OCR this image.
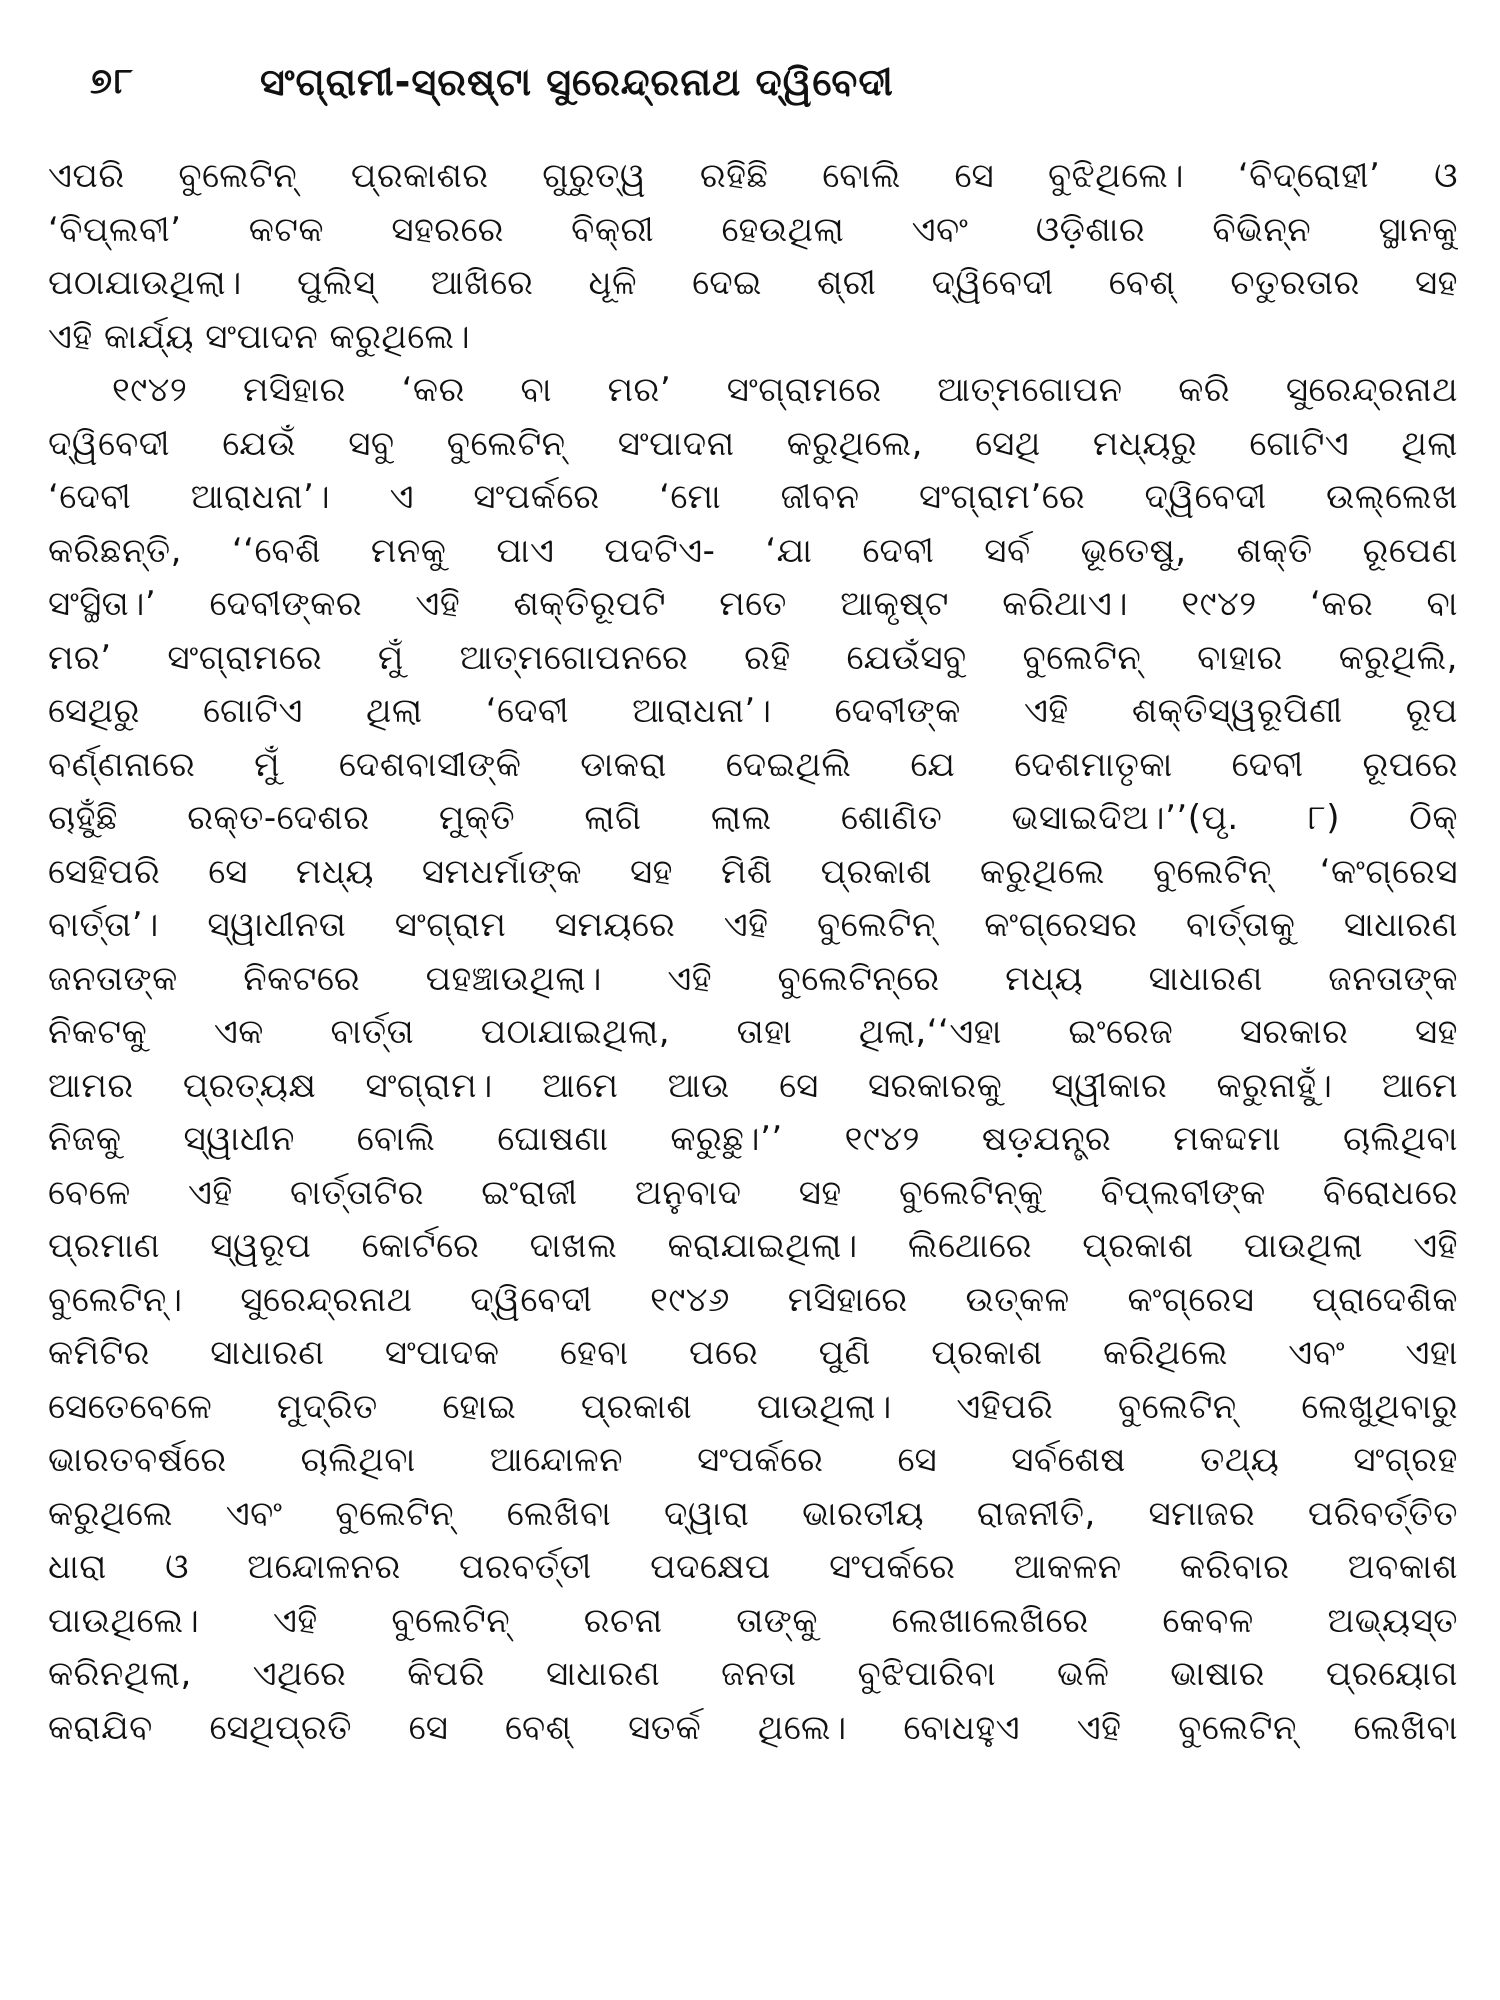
୭୮	ସଂଗ୍ରାମୀ-ସ୍ରଷ୍ଟା ସୁରେନ୍ଦ୍ରନାଥ ଦ୍ୱିବେଦୀ
ଏପରି ବୁଲେଟିନ୍ ପ୍ରକାଶର ଗୁରୁତ୍ୱ ରହିଛି ବୋଲି ସେ ବୁଝିଥିଲେ। ‘ବିଦ୍ରୋହୀ’ ଓ
‘ବିପ୍ଲବୀ’ କଟକ ସହରରେ ବିକ୍ରୀ ହେଉଥିଲା ଏବଂ ଓଡ଼ିଶାର ବିଭିନ୍ନ ସ୍ଥାନକୁ
ପଠାଯାଉଥିଲା। ପୁଲିସ୍ ଆଖିରେ ଧୂଳି ଦେଇ ଶ୍ରୀ ଦ୍ୱିବେଦୀ ବେଶ୍ ଚତୁରତାର ସହ
ଏହି କାର୍ଯ୍ୟ ସଂପାଦନ କରୁଥିଲେ।
୧୯୪୨ ମସିହାର ‘କର ବା ମର’ ସଂଗ୍ରାମରେ ଆତ୍ମଗୋପନ କରି ସୁରେନ୍ଦ୍ରନାଥ
ଦ୍ୱିବେଦୀ ଯେଉଁ ସବୁ ବୁଲେଟିନ୍ ସଂପାଦନା କରୁଥିଲେ, ସେଥି ମଧ୍ୟରୁ ଗୋଟିଏ ଥିଲା
‘ଦେବୀ ଆରାଧନା’। ଏ ସଂପର୍କରେ ‘ମୋ ଜୀବନ ସଂଗ୍ରାମ’ରେ ଦ୍ୱିବେଦୀ ଉଲ୍ଲେଖ
କରିଛନ୍ତି, ‘‘ବେଶି ମନକୁ ପାଏ ପଦଟିଏ- ‘ଯା ଦେବୀ ସର୍ବ ଭୂତେଷୁ, ଶକ୍ତି ରୂପେଣ
ସଂସ୍ଥିତା।’ ଦେବୀଙ୍କର ଏହି ଶକ୍ତିରୂପଟି ମତେ ଆକୃଷ୍ଟ କରିଥାଏ। ୧୯୪୨ ‘କର ବା
ମର’ ସଂଗ୍ରାମରେ ମୁଁ ଆତ୍ମଗୋପନରେ ରହି ଯେଉଁସବୁ ବୁଲେଟିନ୍ ବାହାର କରୁଥିଲି,
ସେଥିରୁ ଗୋଟିଏ ଥିଲା ‘ଦେବୀ ଆରାଧନା’। ଦେବୀଙ୍କ ଏହି ଶକ୍ତିସ୍ୱରୂପିଣୀ ରୂପ
ବର୍ଣ୍ଣନାରେ ମୁଁ ଦେଶବାସୀଙ୍କି ଡାକରା ଦେଇଥିଲି ଯେ ଦେଶମାତୃକା ଦେବୀ ରୂପରେ
ଚାହୁଁଛି ରକ୍ତ-ଦେଶର ମୁକ୍ତି ଲାଗି ଲାଲ ଶୋଣିତ ଭସାଇଦିଅ।’’(ପୃ. ୮) ଠିକ୍
ସେହିପରି ସେ ମଧ୍ୟ ସମଧର୍ମାଙ୍କ ସହ ମିଶି ପ୍ରକାଶ କରୁଥିଲେ ବୁଲେଟିନ୍ ‘କଂଗ୍ରେସ
ବାର୍ତ୍ତା’। ସ୍ୱାଧୀନତା ସଂଗ୍ରାମ ସମୟରେ ଏହି ବୁଲେଟିନ୍ କଂଗ୍ରେସର ବାର୍ତ୍ତାକୁ ସାଧାରଣ
ଜନତାଙ୍କ ନିକଟରେ ପହଞ୍ଚାଉଥିଲା। ଏହି ବୁଲେଟିନ୍‌ରେ ମଧ୍ୟ ସାଧାରଣ ଜନତାଙ୍କ
ନିକଟକୁ ଏକ ବାର୍ତ୍ତା ପଠାଯାଇଥିଲା, ତାହା ଥିଲା,‘‘ଏହା ଇଂରେଜ ସରକାର ସହ
ଆମର ପ୍ରତ୍ୟକ୍ଷ ସଂଗ୍ରାମ। ଆମେ ଆଉ ସେ ସରକାରକୁ ସ୍ୱୀକାର କରୁନାହୁଁ। ଆମେ
ନିଜକୁ ସ୍ୱାଧୀନ ବୋଲି ଘୋଷଣା କରୁଛୁ।’’ ୧୯୪୨ ଷଡ଼ଯନ୍ତ୍ର ମକଦ୍ଦମା ଚାଲିଥିବା
ବେଳେ ଏହି ବାର୍ତ୍ତାଟିର ଇଂରାଜୀ ଅନୁବାଦ ସହ ବୁଲେଟିନ୍‌କୁ ବିପ୍ଲବୀଙ୍କ ବିରୋଧରେ
ପ୍ରମାଣ ସ୍ୱରୂପ କୋର୍ଟରେ ଦାଖଲ କରାଯାଇଥିଲା। ଲିଥୋରେ ପ୍ରକାଶ ପାଉଥିଲା ଏହି
ବୁଲେଟିନ୍। ସୁରେନ୍ଦ୍ରନାଥ ଦ୍ୱିବେଦୀ ୧୯୪୬ ମସିହାରେ ଉତ୍କଳ କଂଗ୍ରେସ ପ୍ରାଦେଶିକ
କମିଟିର ସାଧାରଣ ସଂପାଦକ ହେବା ପରେ ପୁଣି ପ୍ରକାଶ କରିଥିଲେ ଏବଂ ଏହା
ସେତେବେଳେ ମୁଦ୍ରିତ ହୋଇ ପ୍ରକାଶ ପାଉଥିଲା। ଏହିପରି ବୁଲେଟିନ୍ ଲେଖୁଥିବାରୁ
ଭାରତବର୍ଷରେ ଚାଲିଥିବା ଆନ୍ଦୋଳନ ସଂପର୍କରେ ସେ ସର୍ବଶେଷ ତଥ୍ୟ ସଂଗ୍ରହ
କରୁଥିଲେ ଏବଂ ବୁଲେଟିନ୍ ଲେଖିବା ଦ୍ୱାରା ଭାରତୀୟ ରାଜନୀତି, ସମାଜର ପରିବର୍ତ୍ତିତ
ଧାରା ଓ ଅନ୍ଦୋଳନର ପରବର୍ତ୍ତୀ ପଦକ୍ଷେପ ସଂପର୍କରେ ଆକଳନ କରିବାର ଅବକାଶ
ପାଉଥିଲେ। ଏହି ବୁଲେଟିନ୍ ରଚନା ତାଙ୍କୁ ଲେଖାଲେଖିରେ କେବଳ ଅଭ୍ୟସ୍ତ
କରିନଥିଲା, ଏଥିରେ କିପରି ସାଧାରଣ ଜନତା ବୁଝିପାରିବା ଭଳି ଭାଷାର ପ୍ରୟୋଗ
କରାଯିବ ସେଥିପ୍ରତି ସେ ବେଶ୍ ସତର୍କ ଥିଲେ। ବୋଧହୁଏ ଏହି ବୁଲେଟିନ୍ ଲେଖିବା
